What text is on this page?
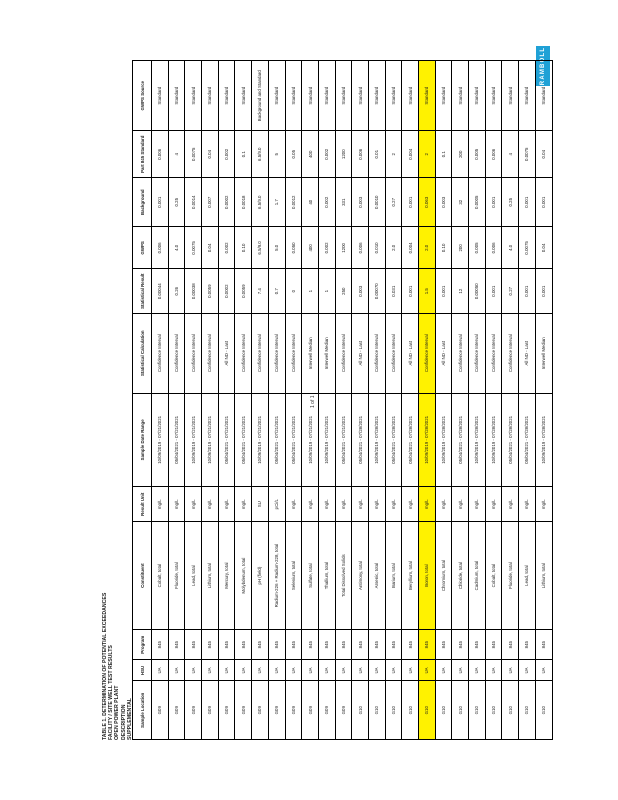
TABLE 1. DETERMINATION OF POTENTIAL EXCEEDANCES FACILITY / SITE WELL TEST RESULTS OPEN POWER PLANT DESCRIPTION SUPPLEMENTAL
RAMBOLL
1 of 1
Sample Location	HSU	Program	Constituent	Result Unit	Sample Date Range	Statistical Calculation	Statistical Result	GWPS	Background	Part 845 Standard	GWPS Source
G09	UA	845	Cobalt, total	mg/L	10/09/2019 - 07/21/2021	Confidence Interval	0.00044	0.006	0.001	0.006	Standard
G09	UA	845	Fluoride, total	mg/L	05/04/2021 - 07/21/2021	Confidence Interval	0.26	4.0	0.25	4	Standard
G09	UA	845	Lead, total	mg/L	10/09/2019 - 07/21/2021	Confidence Interval	0.00038	0.0075	0.0014	0.0075	Standard
G09	UA	845	Lithium, total	mg/L	10/09/2019 - 07/21/2021	Confidence Interval	0.0059	0.04	0.007	0.04	Standard
G09	UA	845	Mercury, total	mg/L	05/04/2021 - 07/21/2021	All ND - Last	0.0002	0.002	0.0002	0.002	Standard
G09	UA	845	Molybdenum, total	mg/L	05/04/2021 - 07/21/2021	Confidence Interval	0.0059	0.10	0.0018	0.1	Standard
G09	UA	845	pH (field)	SU	10/09/2019 - 07/21/2021	Confidence Interval	7.4	6.5/9.0	6.5/9.0	6.5/9.0	Background and Standard
G09	UA	845	Radium-226 + Radium-228, total	pCi/L	05/04/2021 - 07/21/2021	Confidence Interval	0.7	5.0	1.7	5	Standard
G09	UA	845	Selenium, total	mg/L	05/04/2021 - 07/21/2021	Confidence Interval	0	0.050	0.0012	0.05	Standard
G09	UA	845	Sulfate, total	mg/L	10/09/2019 - 07/21/2021	Interwell Median	1	400	40	400	Standard
G09	UA	845	Thallium, total	mg/L	10/09/2019 - 07/21/2021	Interwell Median	1	0.002	0.002	0.002	Standard
G09	UA	845	Total Dissolved Solids	mg/L	05/04/2021 - 07/21/2021	Confidence Interval	250	1200	331	1200	Standard
G10	UA	845	Antimony, total	mg/L	05/04/2021 - 07/28/2021	All ND - Last	0.003	0.006	0.003	0.006	Standard
G10	UA	845	Arsenic, total	mg/L	10/09/2019 - 07/28/2021	Confidence Interval	0.00070	0.010	0.0010	0.01	Standard
G10	UA	845	Barium, total	mg/L	05/04/2021 - 07/28/2021	Confidence Interval	0.031	2.0	0.27	2	Standard
G10	UA	845	Beryllium, total	mg/L	05/04/2021 - 07/28/2021	All ND - Last	0.001	0.004	0.001	0.004	Standard
G10	UA	845	Boron, total	mg/L	10/09/2019 - 07/28/2021	Confidence Interval	1.5	2.0	0.063	2	Standard
G10	UA	845	Chromium, total	mg/L	10/09/2019 - 07/28/2021	All ND - Last	0.001	0.10	0.003	0.1	Standard
G10	UA	845	Chloride, total	mg/L	05/04/2021 - 07/28/2021	Confidence Interval	12	200	32	200	Standard
G10	UA	845	Cadmium, total	mg/L	10/09/2019 - 07/28/2021	Confidence Interval	0.00050	0.005	0.0005	0.005	Standard
G10	UA	845	Cobalt, total	mg/L	10/09/2019 - 07/28/2021	Confidence Interval	0.001	0.006	0.001	0.006	Standard
G10	UA	845	Fluoride, total	mg/L	05/04/2021 - 07/28/2021	Confidence Interval	0.27	4.0	0.25	4	Standard
G10	UA	845	Lead, total	mg/L	05/04/2021 - 07/28/2021	All ND - Last	0.001	0.0075	0.001	0.0075	Standard
G10	UA	845	Lithium, total	mg/L	10/09/2019 - 07/28/2021	Interwell Median	0.001	0.04	0.001	0.04	Standard
